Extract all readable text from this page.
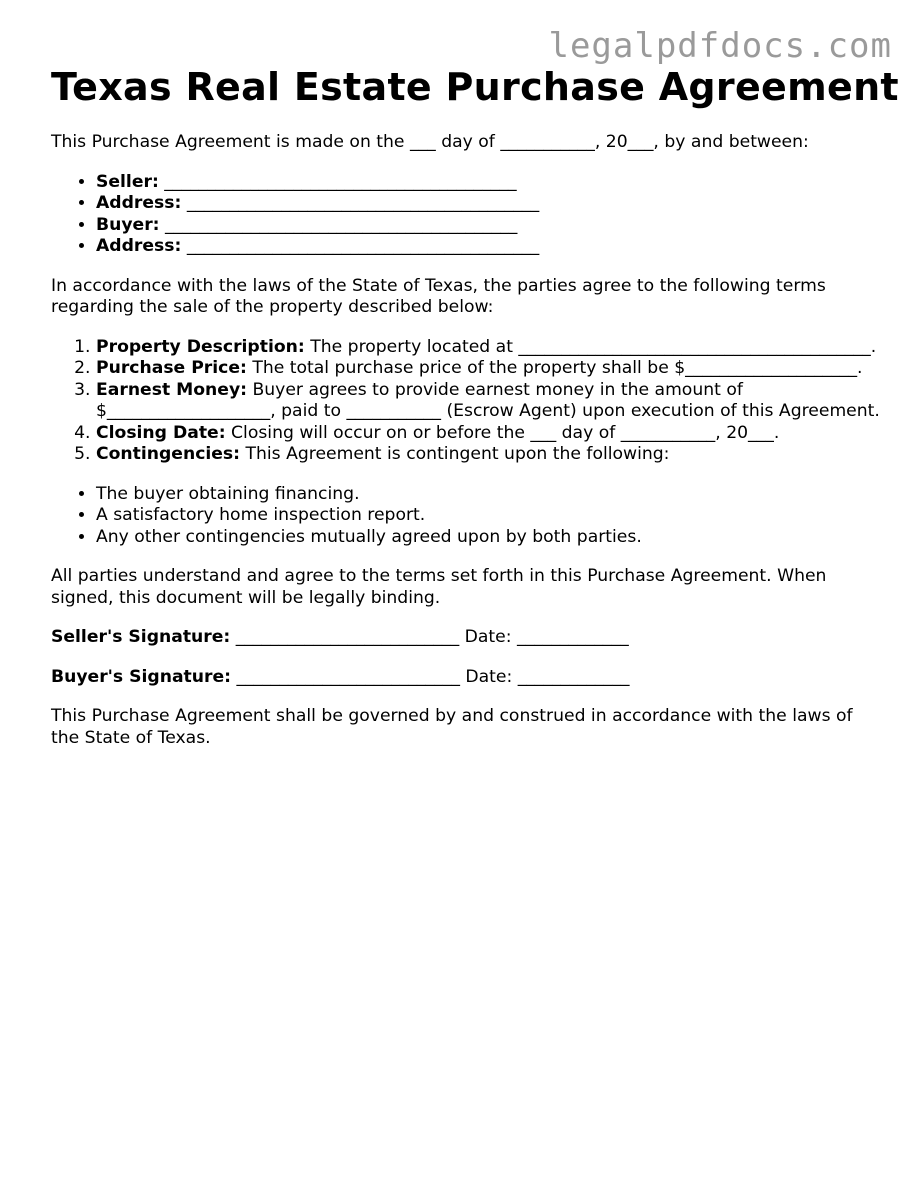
legalpdfdocs.com

Texas Real Estate Purchase Agreement

This Purchase Agreement is made on the ___ day of ___________, 20___, by and between:

• Seller: _________________________________________
• Address: _________________________________________
• Buyer: _________________________________________
• Address: _________________________________________

In accordance with the laws of the State of Texas, the parties agree to the following terms regarding the sale of the property described below:

1. Property Description: The property located at _________________________________________.
2. Purchase Price: The total purchase price of the property shall be $____________________.
3. Earnest Money: Buyer agrees to provide earnest money in the amount of $___________________, paid to ___________ (Escrow Agent) upon execution of this Agreement.
4. Closing Date: Closing will occur on or before the ___ day of ___________, 20___.
5. Contingencies: This Agreement is contingent upon the following:
• The buyer obtaining financing.
• A satisfactory home inspection report.
• Any other contingencies mutually agreed upon by both parties.

All parties understand and agree to the terms set forth in this Purchase Agreement. When signed, this document will be legally binding.

Seller's Signature: __________________________ Date: _____________

Buyer's Signature: __________________________ Date: _____________

This Purchase Agreement shall be governed by and construed in accordance with the laws of the State of Texas.
